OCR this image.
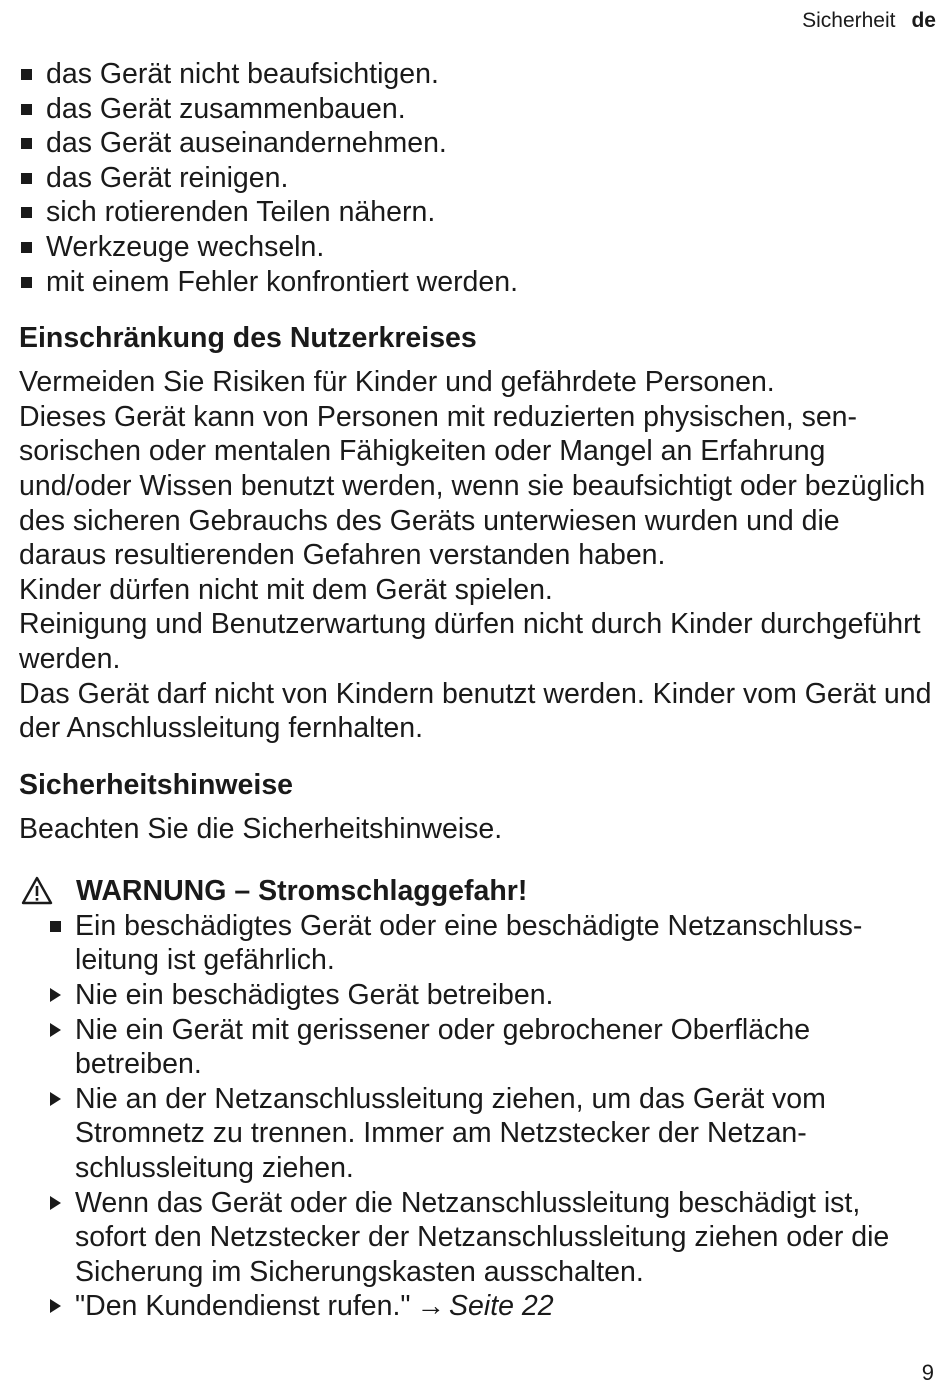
Sicherheit de
das Gerät nicht beaufsichtigen.
das Gerät zusammenbauen.
das Gerät auseinandernehmen.
das Gerät reinigen.
sich rotierenden Teilen nähern.
Werkzeuge wechseln.
mit einem Fehler konfrontiert werden.
Einschränkung des Nutzerkreises

Vermeiden Sie Risiken für Kinder und gefährdete Personen.

Dieses Gerät kann von Personen mit reduzierten physischen, sensorischen oder mentalen Fähigkeiten oder Mangel an Erfahrung und/oder Wissen benutzt werden, wenn sie beaufsichtigt oder bezüglich des sicheren Gebrauchs des Geräts unterwiesen wurden und die daraus resultierenden Gefahren verstanden haben.

Kinder dürfen nicht mit dem Gerät spielen.

Reinigung und Benutzerwartung dürfen nicht durch Kinder durchgeführt werden.

Das Gerät darf nicht von Kindern benutzt werden. Kinder vom Gerät und der Anschlussleitung fernhalten.

Sicherheitshinweise

Beachten Sie die Sicherheitshinweise.

WARNUNG – Stromschlaggefahr!
Ein beschädigtes Gerät oder eine beschädigte Netzanschlussleitung ist gefährlich.
Nie ein beschädigtes Gerät betreiben.
Nie ein Gerät mit gerissener oder gebrochener Oberfläche betreiben.
Nie an der Netzanschlussleitung ziehen, um das Gerät vom Stromnetz zu trennen. Immer am Netzstecker der Netzanschlussleitung ziehen.
Wenn das Gerät oder die Netzanschlussleitung beschädigt ist, sofort den Netzstecker der Netzanschlussleitung ziehen oder die Sicherung im Sicherungskasten ausschalten.
"Den Kundendienst rufen." → Seite 22
9
